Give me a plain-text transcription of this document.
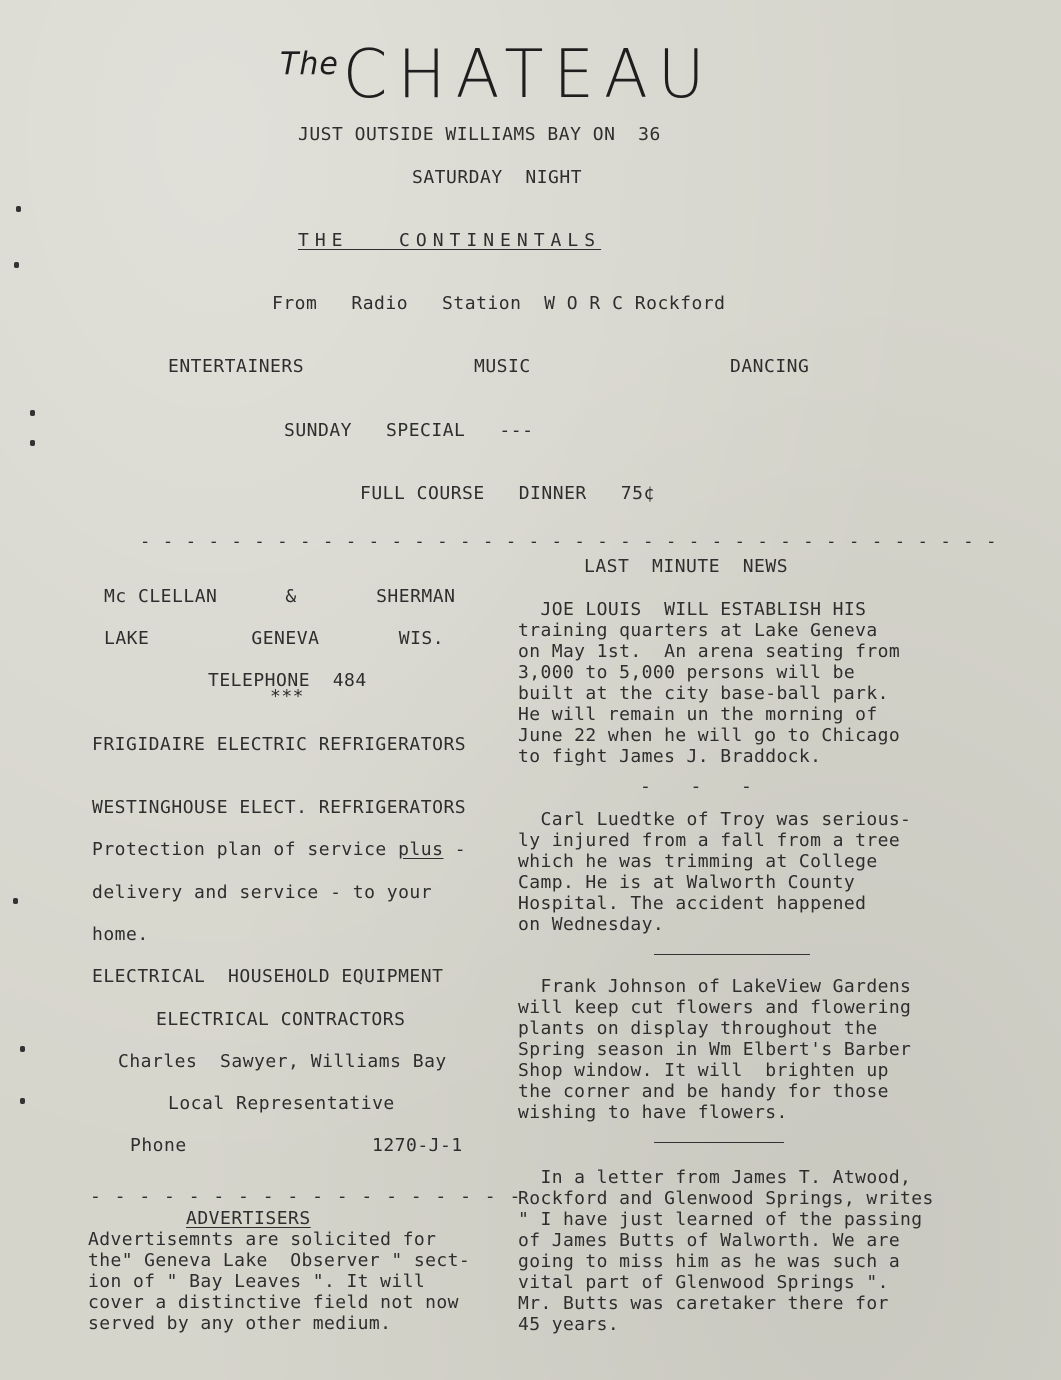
$^{The}$CHATEAU
JUST OUTSIDE WILLIAMS BAY ON  36
SATURDAY  NIGHT
THE   CONTINENTALS
From   Radio   Station  W O R C Rockford
ENTERTAINERS	MUSIC	DANCING
SUNDAY   SPECIAL   ---
FULL COURSE   DINNER   75¢
- - - - - - - - - - - - - - - - - - - - - - - - - - - - - - - - - - - - - -
Mc CLELLAN      &       SHERMAN
LAKE         GENEVA       WIS.
TELEPHONE  484
***
FRIGIDAIRE ELECTRIC REFRIGERATORS
WESTINGHOUSE ELECT. REFRIGERATORS
Protection plan of service plus -
delivery and service - to your
home.
ELECTRICAL  HOUSEHOLD EQUIPMENT
ELECTRICAL CONTRACTORS
Charles  Sawyer, Williams Bay
Local Representative
Phone	1270-J-1
- - - - - - - - - - - - - - - - - -
ADVERTISERS
Advertisemnts are solicited for
the" Geneva Lake  Observer " sect-
ion of " Bay Leaves ". It will
cover a distinctive field not now
served by any other medium.
LAST  MINUTE  NEWS
JOE LOUIS  WILL ESTABLISH HIS
training quarters at Lake Geneva
on May 1st.  An arena seating from
3,000 to 5,000 persons will be
built at the city base-ball park.
He will remain un the morning of
June 22 when he will go to Chicago
to fight James J. Braddock.
-  -  -
Carl Luedtke of Troy was serious-
ly injured from a fall from a tree
which he was trimming at College
Camp. He is at Walworth County
Hospital. The accident happened
on Wednesday.
Frank Johnson of LakeView Gardens
will keep cut flowers and flowering
plants on display throughout the
Spring season in Wm Elbert's Barber
Shop window. It will  brighten up
the corner and be handy for those
wishing to have flowers.
In a letter from James T. Atwood,
Rockford and Glenwood Springs, writes
" I have just learned of the passing
of James Butts of Walworth. We are
going to miss him as he was such a
vital part of Glenwood Springs ".
Mr. Butts was caretaker there for
45 years.
